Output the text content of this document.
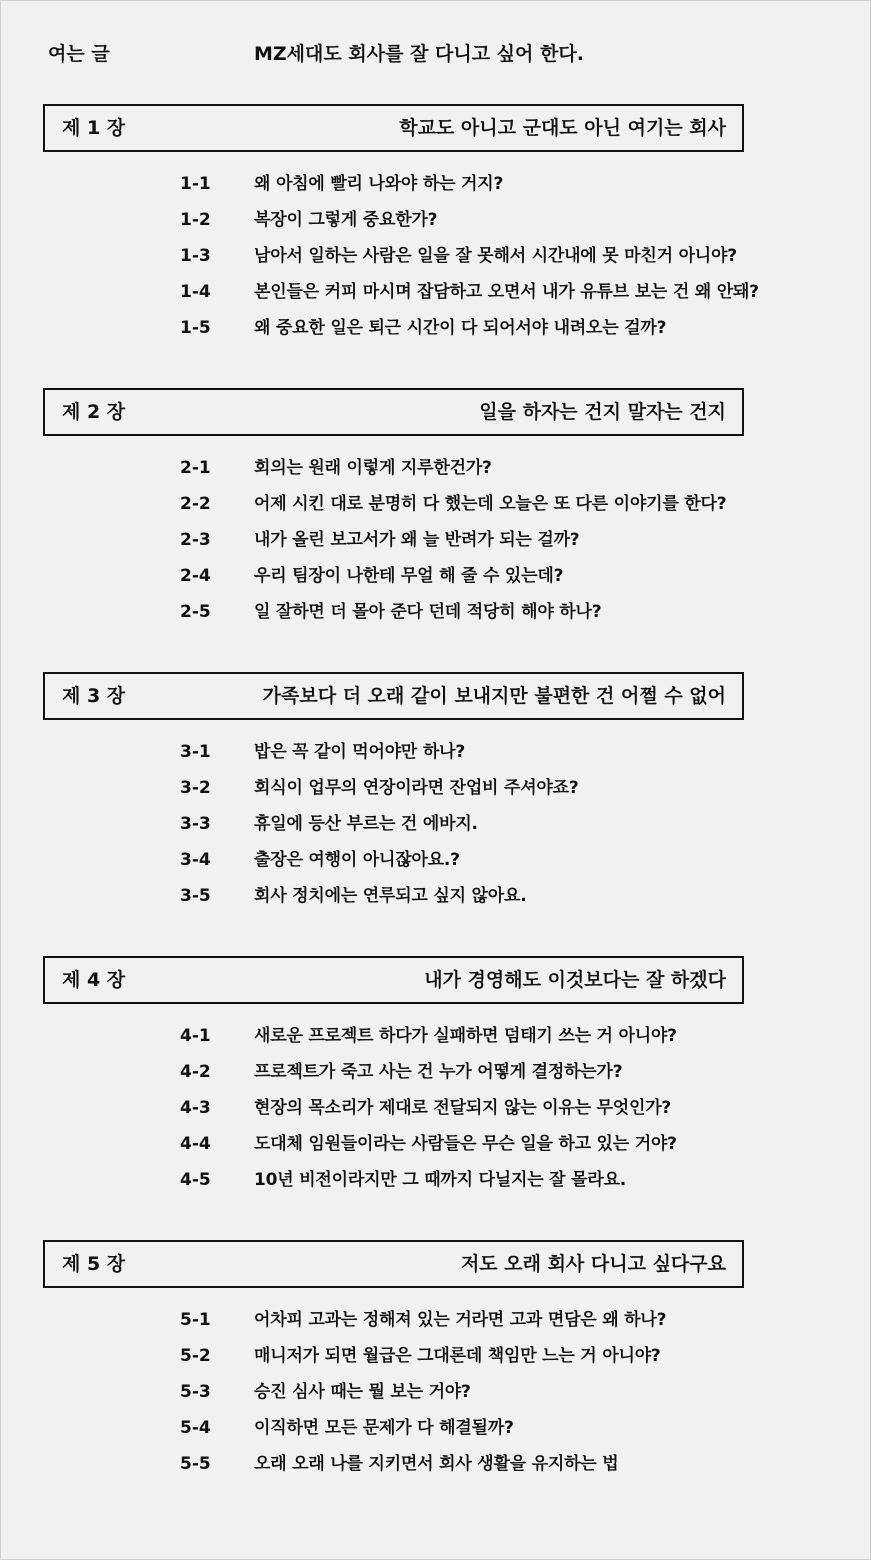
여는 글	MZ세대도 회사를 잘 다니고 싶어 한다.
제 1 장	학교도 아니고 군대도 아닌 여기는 회사
1-1	왜 아침에 빨리 나와야 하는 거지?
1-2	복장이 그렇게 중요한가?
1-3	남아서 일하는 사람은 일을 잘 못해서 시간내에 못 마친거 아니야?
1-4	본인들은 커피 마시며 잡담하고 오면서 내가 유튜브 보는 건 왜 안돼?
1-5	왜 중요한 일은 퇴근 시간이 다 되어서야 내려오는 걸까?
제 2 장	일을 하자는 건지 말자는 건지
2-1	회의는 원래 이렇게 지루한건가?
2-2	어제 시킨 대로 분명히 다 했는데 오늘은 또 다른 이야기를 한다?
2-3	내가 올린 보고서가 왜 늘 반려가 되는 걸까?
2-4	우리 팀장이 나한테 무얼 해 줄 수 있는데?
2-5	일 잘하면 더 몰아 준다 던데 적당히 해야 하나?
제 3 장	가족보다 더 오래 같이 보내지만 불편한 건 어쩔 수 없어
3-1	밥은 꼭 같이 먹어야만 하나?
3-2	회식이 업무의 연장이라면 잔업비 주셔야죠?
3-3	휴일에 등산 부르는 건 에바지.
3-4	출장은 여행이 아니잖아요.?
3-5	회사 정치에는 연루되고 싶지 않아요.
제 4 장	내가 경영해도 이것보다는 잘 하겠다
4-1	새로운 프로젝트 하다가 실패하면 덤태기 쓰는 거 아니야?
4-2	프로젝트가 죽고 사는 건 누가 어떻게 결정하는가?
4-3	현장의 목소리가 제대로 전달되지 않는 이유는 무엇인가?
4-4	도대체 임원들이라는 사람들은 무슨 일을 하고 있는 거야?
4-5	10년 비전이라지만 그 때까지 다닐지는 잘 몰라요.
제 5 장	저도 오래 회사 다니고 싶다구요
5-1	어차피 고과는 정해져 있는 거라면 고과 면담은 왜 하나?
5-2	매니저가 되면 월급은 그대론데 책임만 느는 거 아니야?
5-3	승진 심사 때는 뭘 보는 거야?
5-4	이직하면 모든 문제가 다 해결될까?
5-5	오래 오래 나를 지키면서 회사 생활을 유지하는 법
